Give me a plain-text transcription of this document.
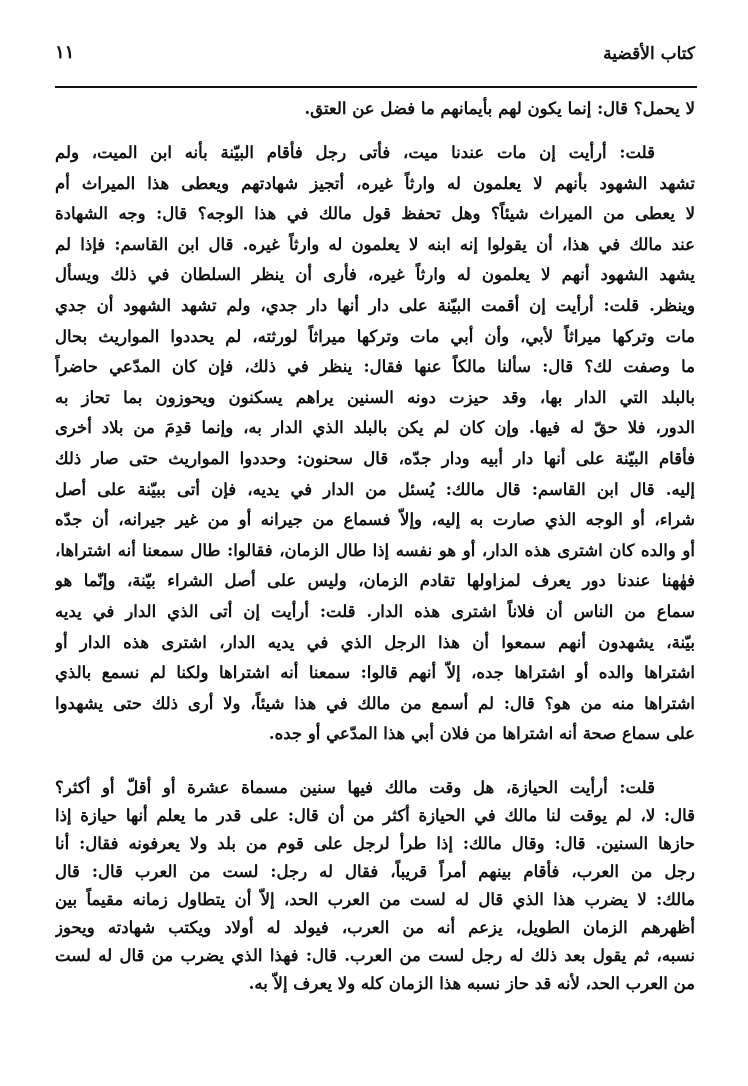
كتاب الأقضية
١١
لا يحمل؟ قال: إنما يكون لهم بأيمانهم ما فضل عن العتق.
قلت: أرأيت إن مات عندنا ميت، فأتى رجل فأقام البيّنة بأنه ابن الميت، ولم
تشهد الشهود بأنهم لا يعلمون له وارثاً غيره، أتجيز شهادتهم ويعطى هذا الميراث أم
لا يعطى من الميراث شيئاً؟ وهل تحفظ قول مالك في هذا الوجه؟ قال: وجه الشهادة
عند مالك في هذا، أن يقولوا إنه ابنه لا يعلمون له وارثاً غيره. قال ابن القاسم: فإذا لم
يشهد الشهود أنهم لا يعلمون له وارثاً غيره، فأرى أن ينظر السلطان في ذلك ويسأل
وينظر. قلت: أرأيت إن أقمت البيّنة على دار أنها دار جدي، ولم تشهد الشهود أن جدي
مات وتركها ميراثاً لأبي، وأن أبي مات وتركها ميراثاً لورثته، لم يحددوا المواريث بحال
ما وصفت لك؟ قال: سألنا مالكاً عنها فقال: ينظر في ذلك، فإن كان المدّعي حاضراً
بالبلد التي الدار بها، وقد حيزت دونه السنين يراهم يسكنون ويحوزون بما تحاز به
الدور، فلا حقّ له فيها. وإن كان لم يكن بالبلد الذي الدار به، وإنما قدِمَ من بلاد أخرى
فأقام البيّنة على أنها دار أبيه ودار جدّه، قال سحنون: وحددوا المواريث حتى صار ذلك
إليه. قال ابن القاسم: قال مالك: يُسئل من الدار في يديه، فإن أتى ببيّنة على أصل
شراء، أو الوجه الذي صارت به إليه، وإلاّ فسماع من جيرانه أو من غير جيرانه، أن جدّه
أو والده كان اشترى هذه الدار، أو هو نفسه إذا طال الزمان، فقالوا: طال سمعنا أنه اشتراها،
فهٰهنا عندنا دور يعرف لمزاولها تقادم الزمان، وليس على أصل الشراء بيّنة، وإنّما هو
سماع من الناس أن فلاناً اشترى هذه الدار. قلت: أرأيت إن أتى الذي الدار في يديه
بيّنة، يشهدون أنهم سمعوا أن هذا الرجل الذي في يديه الدار، اشترى هذه الدار أو
اشتراها والده أو اشتراها جده، إلاّ أنهم قالوا: سمعنا أنه اشتراها ولكنا لم نسمع بالذي
اشتراها منه من هو؟ قال: لم أسمع من مالك في هذا شيئاً، ولا أرى ذلك حتى يشهدوا
على سماع صحة أنه اشتراها من فلان أبي هذا المدّعي أو جده.
قلت: أرأيت الحيازة، هل وقت مالك فيها سنين مسماة عشرة أو أقلّ أو أكثر؟
قال: لا، لم يوقت لنا مالك في الحيازة أكثر من أن قال: على قدر ما يعلم أنها حيازة إذا
حازها السنين. قال: وقال مالك: إذا طرأ لرجل على قوم من بلد ولا يعرفونه فقال: أنا
رجل من العرب، فأقام بينهم أمراً قريباً، فقال له رجل: لست من العرب قال: قال
مالك: لا يضرب هذا الذي قال له لست من العرب الحد، إلاّ أن يتطاول زمانه مقيماً بين
أظهرهم الزمان الطويل، يزعم أنه من العرب، فيولد له أولاد ويكتب شهادته ويحوز
نسبه، ثم يقول بعد ذلك له رجل لست من العرب. قال: فهذا الذي يضرب من قال له لست
من العرب الحد، لأنه قد حاز نسبه هذا الزمان كله ولا يعرف إلاّ به.
